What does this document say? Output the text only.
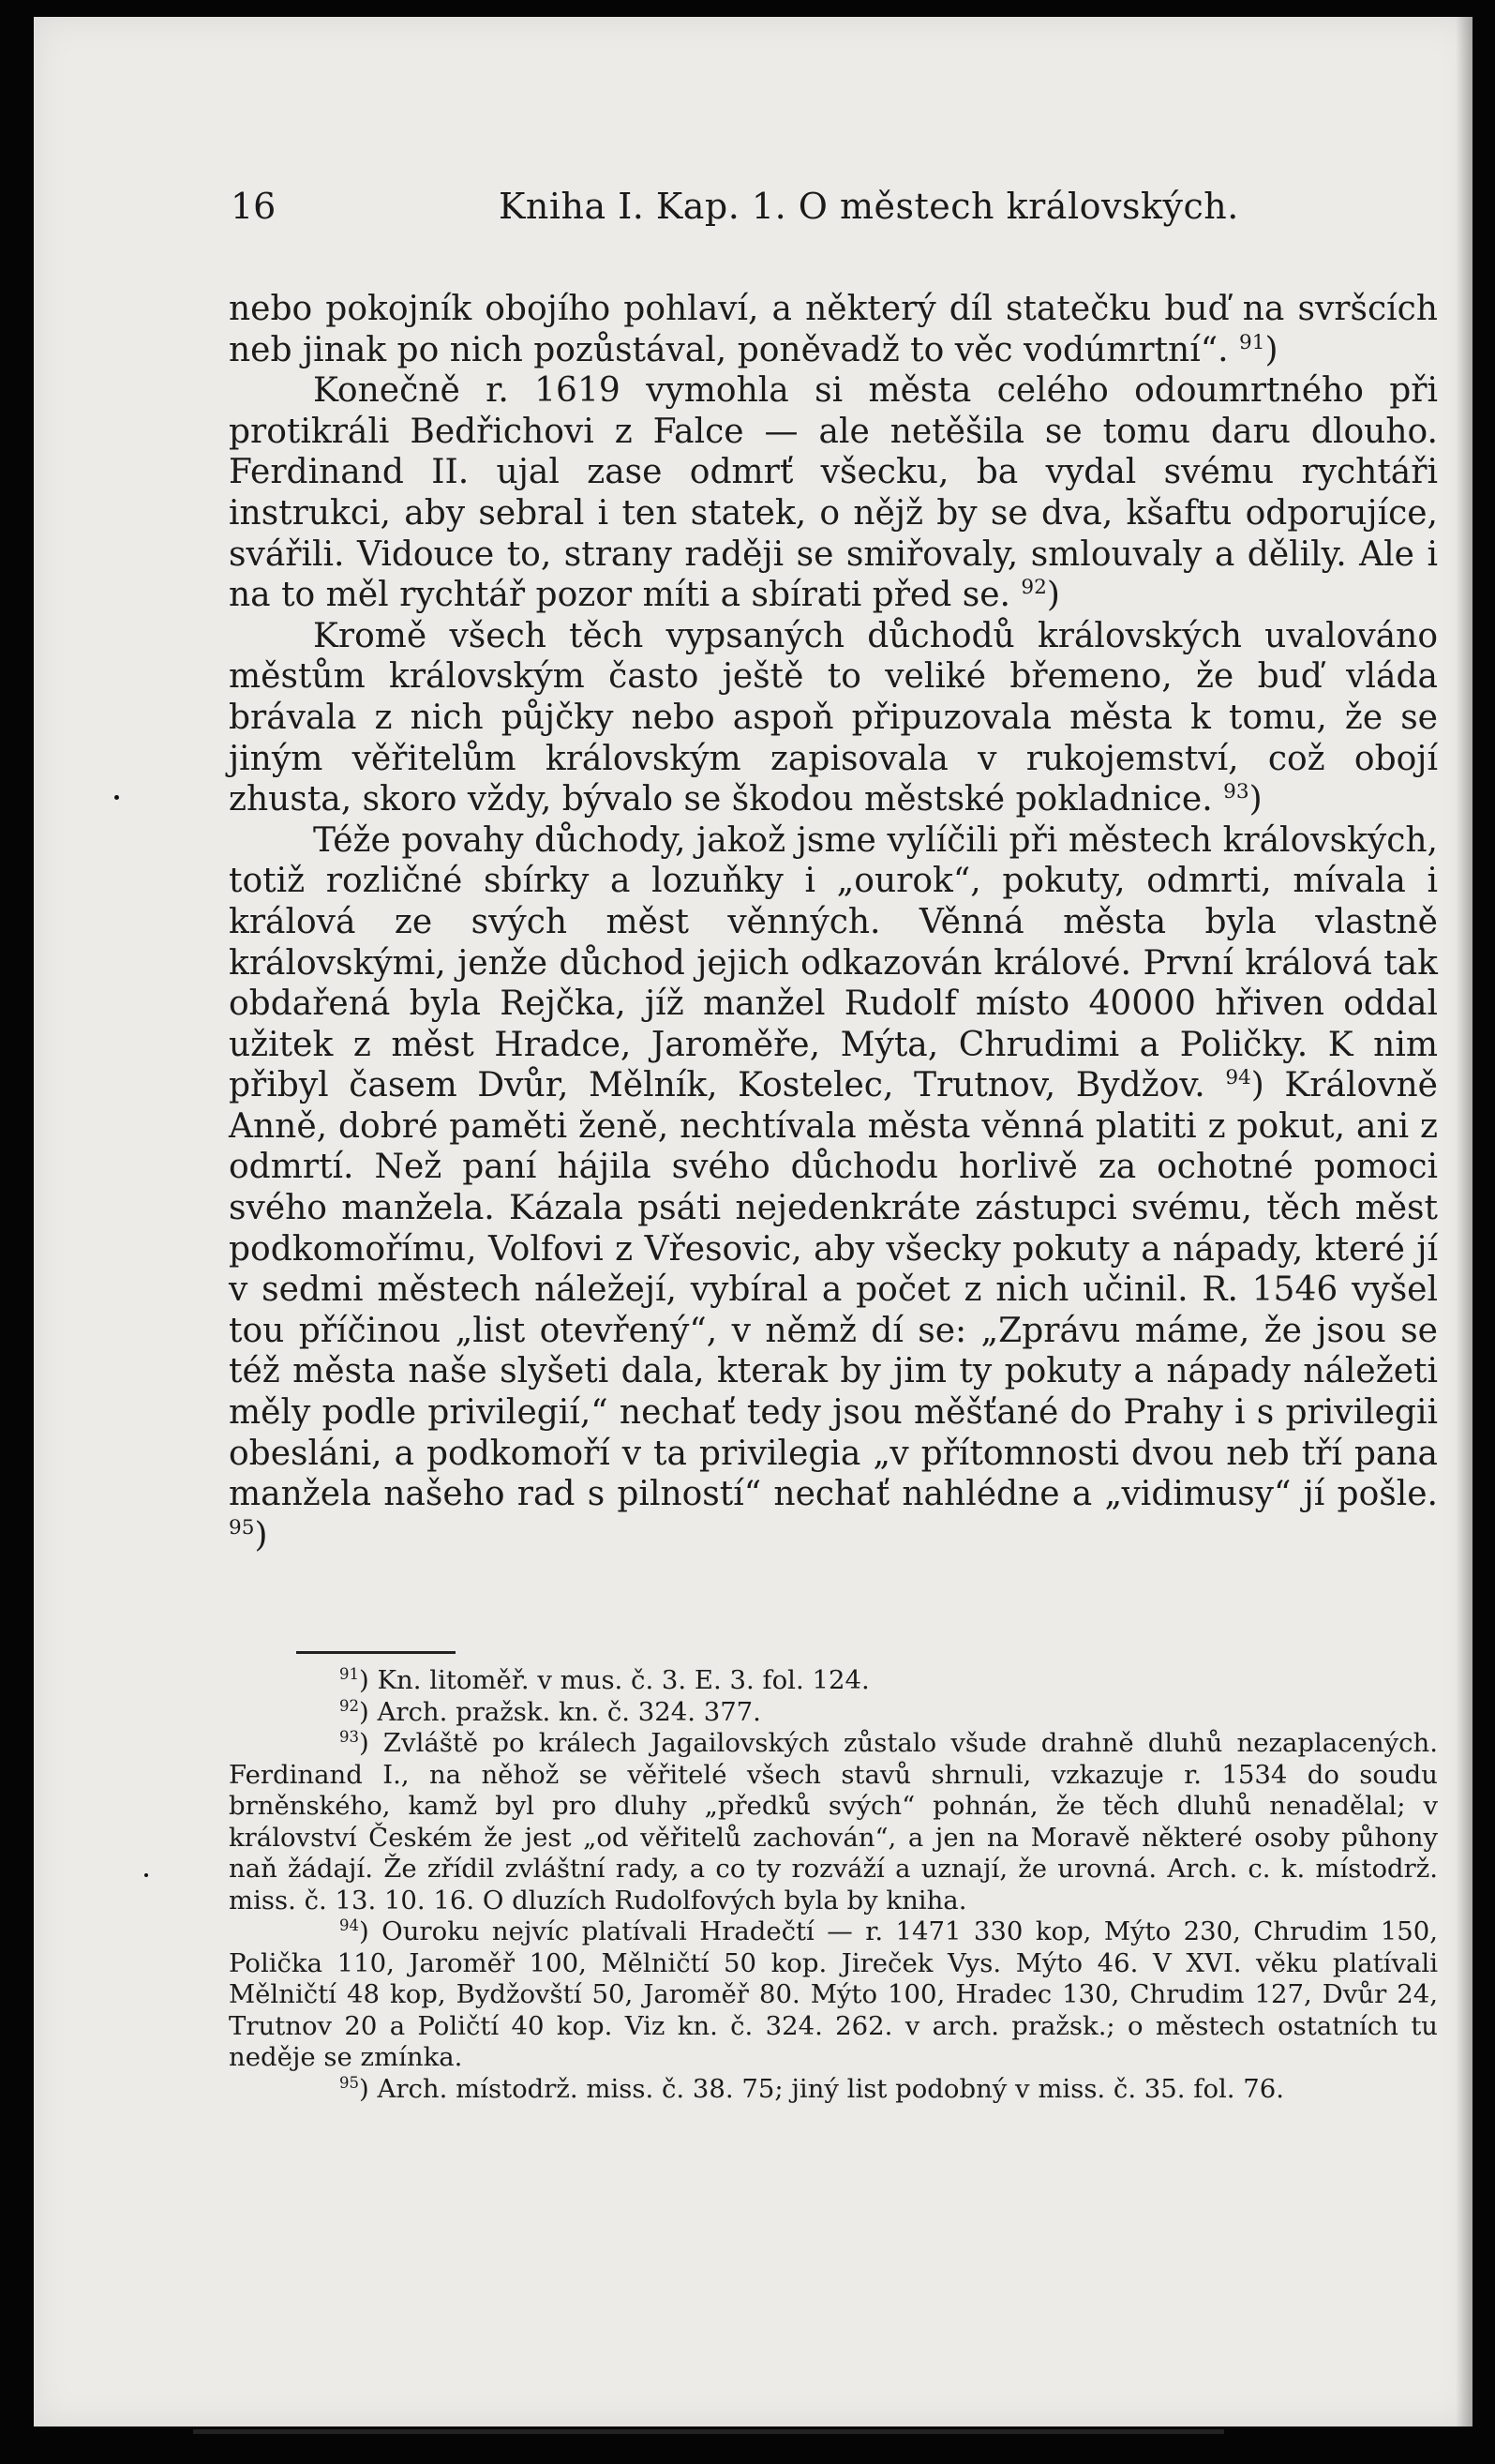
16	Kniha I. Kap. 1. O městech královských.

nebo pokojník obojího pohlaví, a některý díl statečku buď na svršcích neb jinak po nich pozůstával, poněvadž to věc vodúmrtní“. $^{91}$)

Konečně r. 1619 vymohla si města celého odoumrtného při protikráli Bedřichovi z Falce — ale netěšila se tomu daru dlouho. Ferdinand II. ujal zase odmrť všecku, ba vydal svému rychtáři instrukci, aby sebral i ten statek, o nějž by se dva, kšaftu odporujíce, svářili. Vidouce to, strany raději se smiřovaly, smlouvaly a dělily. Ale i na to měl rychtář pozor míti a sbírati před se. $^{92}$)

Kromě všech těch vypsaných důchodů královských uvalováno městům královským často ještě to veliké břemeno, že buď vláda brávala z nich půjčky nebo aspoň připuzovala města k tomu, že se jiným věřitelům královským zapisovala v rukojemství, což obojí zhusta, skoro vždy, bývalo se škodou městské pokladnice. $^{93}$)

Téže povahy důchody, jakož jsme vylíčili při městech královských, totiž rozličné sbírky a lozuňky i „ourok“, pokuty, odmrti, mívala i králová ze svých měst věnných. Věnná města byla vlastně královskými, jenže důchod jejich odkazován králové. První králová tak obdařená byla Rejčka, jíž manžel Rudolf místo 40000 hřiven oddal užitek z měst Hradce, Jaroměře, Mýta, Chrudimi a Poličky. K nim přibyl časem Dvůr, Mělník, Kostelec, Trutnov, Bydžov. $^{94}$) Královně Anně, dobré paměti ženě, nechtívala města věnná platiti z pokut, ani z odmrtí. Než paní hájila svého důchodu horlivě za ochotné pomoci svého manžela. Kázala psáti nejedenkráte zástupci svému, těch měst podkomořímu, Volfovi z Vřesovic, aby všecky pokuty a nápady, které jí v sedmi městech náležejí, vybíral a počet z nich učinil. R. 1546 vyšel tou příčinou „list otevřený“, v němž dí se: „Zprávu máme, že jsou se též města naše slyšeti dala, kterak by jim ty pokuty a nápady náležeti měly podle privilegií,“ nechať tedy jsou měšťané do Prahy i s privilegii obesláni, a podkomoří v ta privilegia „v přítomnosti dvou neb tří pana manžela našeho rad s pilností“ nechať nahlédne a „vidimusy“ jí pošle. $^{95}$)

$^{91}$) Kn. litoměř. v mus. č. 3. E. 3. fol. 124.

$^{92}$) Arch. pražsk. kn. č. 324. 377.

$^{93}$) Zvláště po králech Jagailovských zůstalo všude drahně dluhů nezaplacených. Ferdinand I., na něhož se věřitelé všech stavů shrnuli, vzkazuje r. 1534 do soudu brněnského, kamž byl pro dluhy „předků svých“ pohnán, že těch dluhů nenadělal; v království Českém že jest „od věřitelů zachován“, a jen na Moravě některé osoby půhony naň žádají. Že zřídil zvláštní rady, a co ty rozváží a uznají, že urovná. Arch. c. k. místodrž. miss. č. 13. 10. 16. O dluzích Rudolfových byla by kniha.

$^{94}$) Ouroku nejvíc platívali Hradečtí — r. 1471 330 kop, Mýto 230, Chrudim 150, Polička 110, Jaroměř 100, Mělničtí 50 kop. Jireček Vys. Mýto 46. V XVI. věku platívali Mělničtí 48 kop, Bydžovští 50, Jaroměř 80. Mýto 100, Hradec 130, Chrudim 127, Dvůr 24, Trutnov 20 a Poličtí 40 kop. Viz kn. č. 324. 262. v arch. pražsk.; o městech ostatních tu neděje se zmínka.

$^{95}$) Arch. místodrž. miss. č. 38. 75; jiný list podobný v miss. č. 35. fol. 76.
